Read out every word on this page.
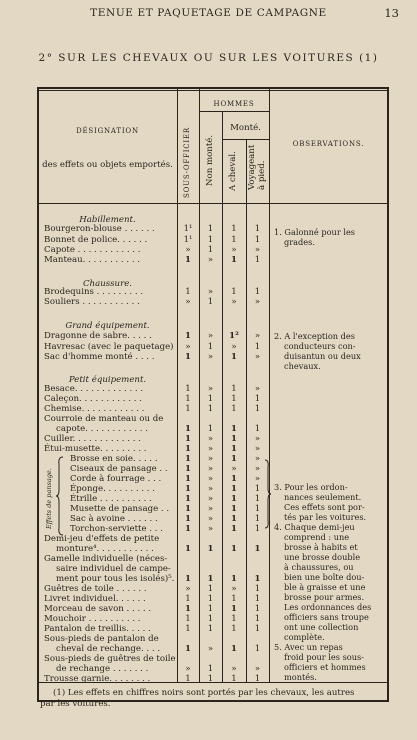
TENUE ET PAQUETAGE DE CAMPAGNE	13
2° SUR LES CHEVAUX OU SUR LES VOITURES (1)
DÉSIGNATION
des effets ou objets emportés.	SOUS-OFFICIER
HOMMES
Non monté.
Monté.
A cheval. Voyageant à pied.
OBSERVATIONS.
Habillement.
Chaussure.
Grand équipement.
Petit équipement.
Bourgeron-blouse . . . . . .	1¹	1	1	1
Bonnet de police. . . . . .	1¹	1	1	1
Capote . . . . . . . . . . . .	»	1	»	»
Manteau. . . . . . . . . . .	1	»	1	1
Brodequins . . . . . . . . .	1	»	1	1
Souliers . . . . . . . . . . .	»	1	»	»
Dragonne de sabre. . . . .	1	»	1²	»
Havresac (avec le paquetage)	»	1	»	1
Sac d'homme monté . . . .	1	»	1	»
Besace. . . . . . . . . . . . .	1	»	1	»
Caleçon. . . . . . . . . . . .	1	1	1	1
Chemise. . . . . . . . . . . .	1	1	1	1
Courroie de manteau ou de
capote. . . . . . . . . . . .	1	1	1	1
Cuiller. . . . . . . . . . . . .	1	»	1	»
Étui-musette. . . . . . . . .	1	»	1	»
Brosse en soie. . . . .	1	»	1	»
Ciseaux de pansage . .	1	»	»	»
Corde à fourrage . . .	1	»	1	»
Éponge. . . . . . . . . .	1	»	1	1
Étrille . . . . . . . . . .	1	»	1	1
Musette de pansage . .	1	»	1	1
Sac à avoine . . . . . .	1	»	1	1
Torchon-serviette . . .	1	»	1	1
Demi-jeu d'effets de petite
monture⁴. . . . . . . . . . .	1	1	1	1
Gamelle individuelle (néces-
saire individuel de campe-
ment pour tous les isolés)⁵.	1	1	1	1
Guêtres de toile . . . . . .	»	1	»	1
Livret individuel. . . . . .	1	1	1	1
Morceau de savon . . . . .	1	1	1	1
Mouchoir . . . . . . . . . .	1	1	1	1
Pantalon de treillis. . . . .	1	1	1	1
Sous-pieds de pantalon de
cheval de rechange. . . .	1	»	1	1
Sous-pieds de guêtres de toile
de rechange . . . . . . .	»	1	»	»
Trousse garnie. . . . . . . .	1	1	1	1
Effets de pansage.
1. Galonné pour les
grades.
2. A l'exception des
conducteurs con-
duisantun ou deux
chevaux.
3. Pour les ordon-
nances seulement.
Ces effets sont por-
tés par les voitures.
4. Chaque demi-jeu
comprend : une
brosse à habits et
une brosse double
à chaussures, ou
bien une boîte dou-
ble à graisse et une
brosse pour armes.
Les ordonnances des
officiers sans troupe
ont une collection
complète.
5. Avec un repas
froid pour les sous-
officiers et hommes
montés.
(1) Les effets en chiffres noirs sont portés par les chevaux, les autres
par les voitures.
